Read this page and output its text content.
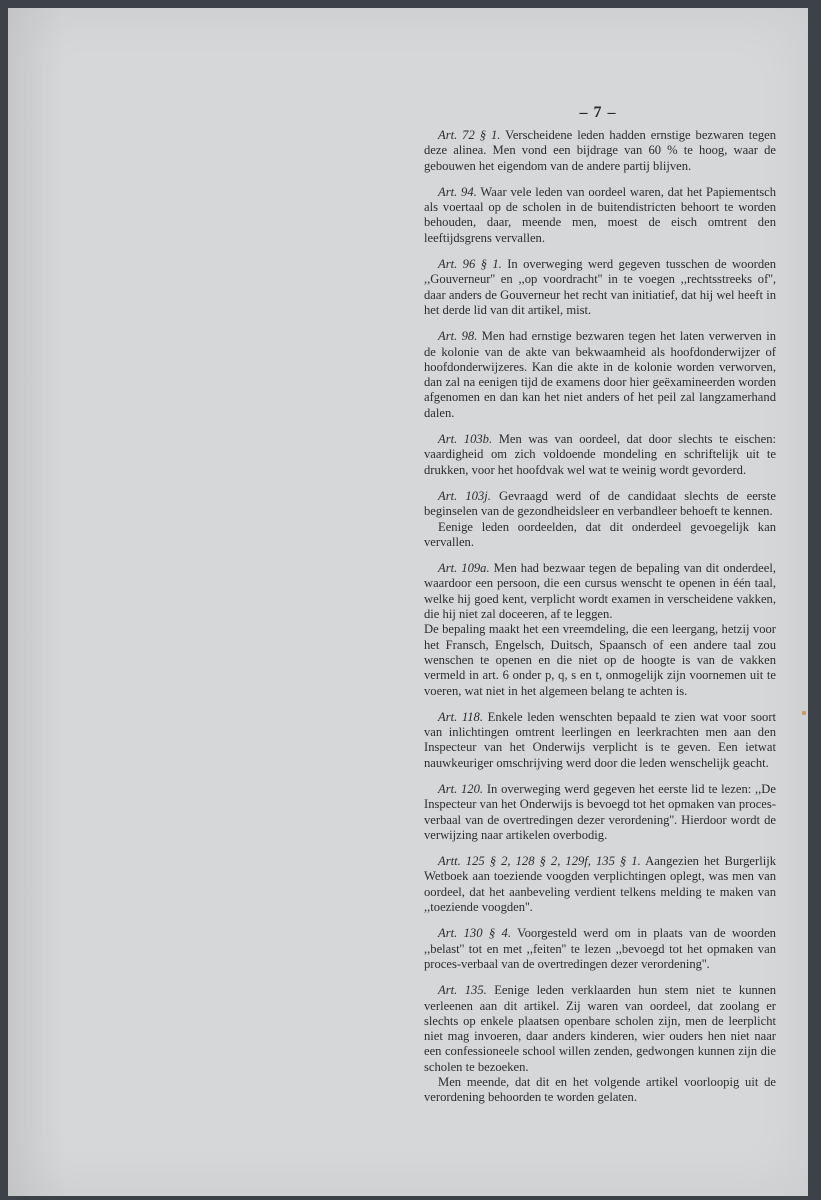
– 7 –

Art. 72 § 1. Verscheidene leden hadden ernstige bezwaren tegen deze alinea. Men vond een bijdrage van 60 % te hoog, waar de gebouwen het eigendom van de andere partij blijven.

Art. 94. Waar vele leden van oordeel waren, dat het Papiementsch als voertaal op de scholen in de buitendistricten behoort te worden behouden, daar, meende men, moest de eisch omtrent den leeftijdsgrens vervallen.

Art. 96 § 1. In overweging werd gegeven tusschen de woorden ,,Gouverneur'' en ,,op voordracht'' in te voegen ,,rechtsstreeks of'', daar anders de Gouverneur het recht van initiatief, dat hij wel heeft in het derde lid van dit artikel, mist.

Art. 98. Men had ernstige bezwaren tegen het laten verwerven in de kolonie van de akte van bekwaamheid als hoofdonderwijzer of hoofdonderwijzeres. Kan die akte in de kolonie worden verworven, dan zal na eenigen tijd de examens door hier geëxamineerden worden afgenomen en dan kan het niet anders of het peil zal langzamerhand dalen.

Art. 103b. Men was van oordeel, dat door slechts te eischen: vaardigheid om zich voldoende mondeling en schriftelijk uit te drukken, voor het hoofdvak wel wat te weinig wordt gevorderd.

Art. 103j. Gevraagd werd of de candidaat slechts de eerste beginselen van de gezondheidsleer en verbandleer behoeft te kennen.

Eenige leden oordeelden, dat dit onderdeel gevoegelijk kan vervallen.

Art. 109a. Men had bezwaar tegen de bepaling van dit onderdeel, waardoor een persoon, die een cursus wenscht te openen in één taal, welke hij goed kent, verplicht wordt examen in verscheidene vakken, die hij niet zal doceeren, af te leggen.

De bepaling maakt het een vreemdeling, die een leergang, hetzij voor het Fransch, Engelsch, Duitsch, Spaansch of een andere taal zou wenschen te openen en die niet op de hoogte is van de vakken vermeld in art. 6 onder p, q, s en t, onmogelijk zijn voornemen uit te voeren, wat niet in het algemeen belang te achten is.

Art. 118. Enkele leden wenschten bepaald te zien wat voor soort van inlichtingen omtrent leerlingen en leerkrachten men aan den Inspecteur van het Onderwijs verplicht is te geven. Een ietwat nauwkeuriger omschrijving werd door die leden wenschelijk geacht.

Art. 120. In overweging werd gegeven het eerste lid te lezen: ,,De Inspecteur van het Onderwijs is bevoegd tot het opmaken van proces-verbaal van de overtredingen dezer verordening''. Hierdoor wordt de verwijzing naar artikelen overbodig.

Artt. 125 § 2, 128 § 2, 129f, 135 § 1. Aangezien het Burgerlijk Wetboek aan toeziende voogden verplichtingen oplegt, was men van oordeel, dat het aanbeveling verdient telkens melding te maken van ,,toeziende voogden''.

Art. 130 § 4. Voorgesteld werd om in plaats van de woorden ,,belast'' tot en met ,,feiten'' te lezen ,,bevoegd tot het opmaken van proces-verbaal van de overtredingen dezer verordening''.

Art. 135. Eenige leden verklaarden hun stem niet te kunnen verleenen aan dit artikel. Zij waren van oordeel, dat zoolang er slechts op enkele plaatsen openbare scholen zijn, men de leerplicht niet mag invoeren, daar anders kinderen, wier ouders hen niet naar een confessioneele school willen zenden, gedwongen kunnen zijn die scholen te bezoeken.

Men meende, dat dit en het volgende artikel voorloopig uit de verordening behoorden te worden gelaten.
